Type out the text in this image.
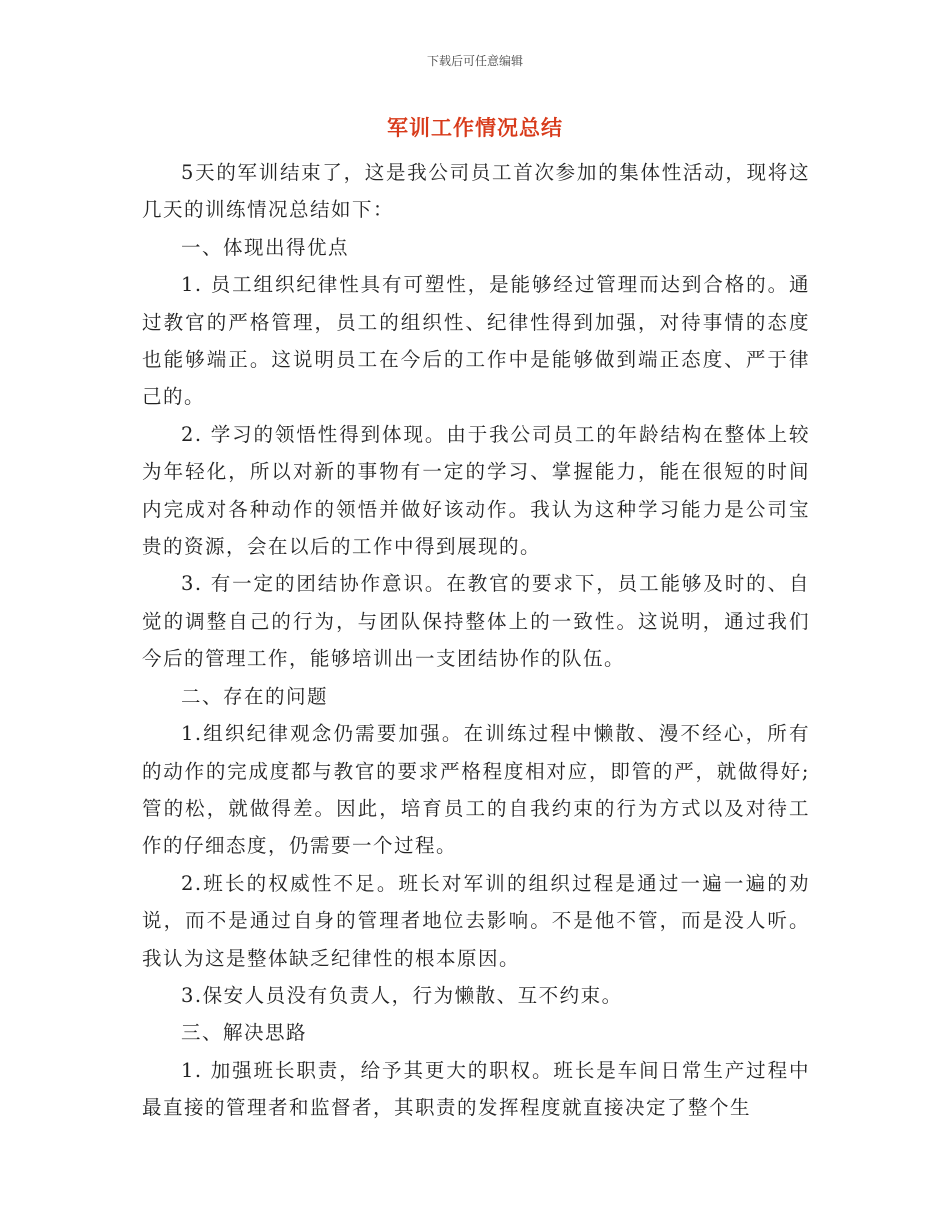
下载后可任意编辑
军训工作情况总结

5天的军训结束了，这是我公司员工首次参加的集体性活动，现将这几天的训练情况总结如下：

一、体现出得优点

1. 员工组织纪律性具有可塑性，是能够经过管理而达到合格的。通过教官的严格管理，员工的组织性、纪律性得到加强，对待事情的态度也能够端正。这说明员工在今后的工作中是能够做到端正态度、严于律己的。

2. 学习的领悟性得到体现。由于我公司员工的年龄结构在整体上较为年轻化，所以对新的事物有一定的学习、掌握能力，能在很短的时间内完成对各种动作的领悟并做好该动作。我认为这种学习能力是公司宝贵的资源，会在以后的工作中得到展现的。

3. 有一定的团结协作意识。在教官的要求下，员工能够及时的、自觉的调整自己的行为，与团队保持整体上的一致性。这说明，通过我们今后的管理工作，能够培训出一支团结协作的队伍。

二、存在的问题

1.组织纪律观念仍需要加强。在训练过程中懒散、漫不经心，所有的动作的完成度都与教官的要求严格程度相对应，即管的严，就做得好;管的松，就做得差。因此，培育员工的自我约束的行为方式以及对待工作的仔细态度，仍需要一个过程。

2.班长的权威性不足。班长对军训的组织过程是通过一遍一遍的劝说，而不是通过自身的管理者地位去影响。不是他不管，而是没人听。我认为这是整体缺乏纪律性的根本原因。

3.保安人员没有负责人，行为懒散、互不约束。

三、解决思路

1. 加强班长职责，给予其更大的职权。班长是车间日常生产过程中最直接的管理者和监督者，其职责的发挥程度就直接决定了整个生
